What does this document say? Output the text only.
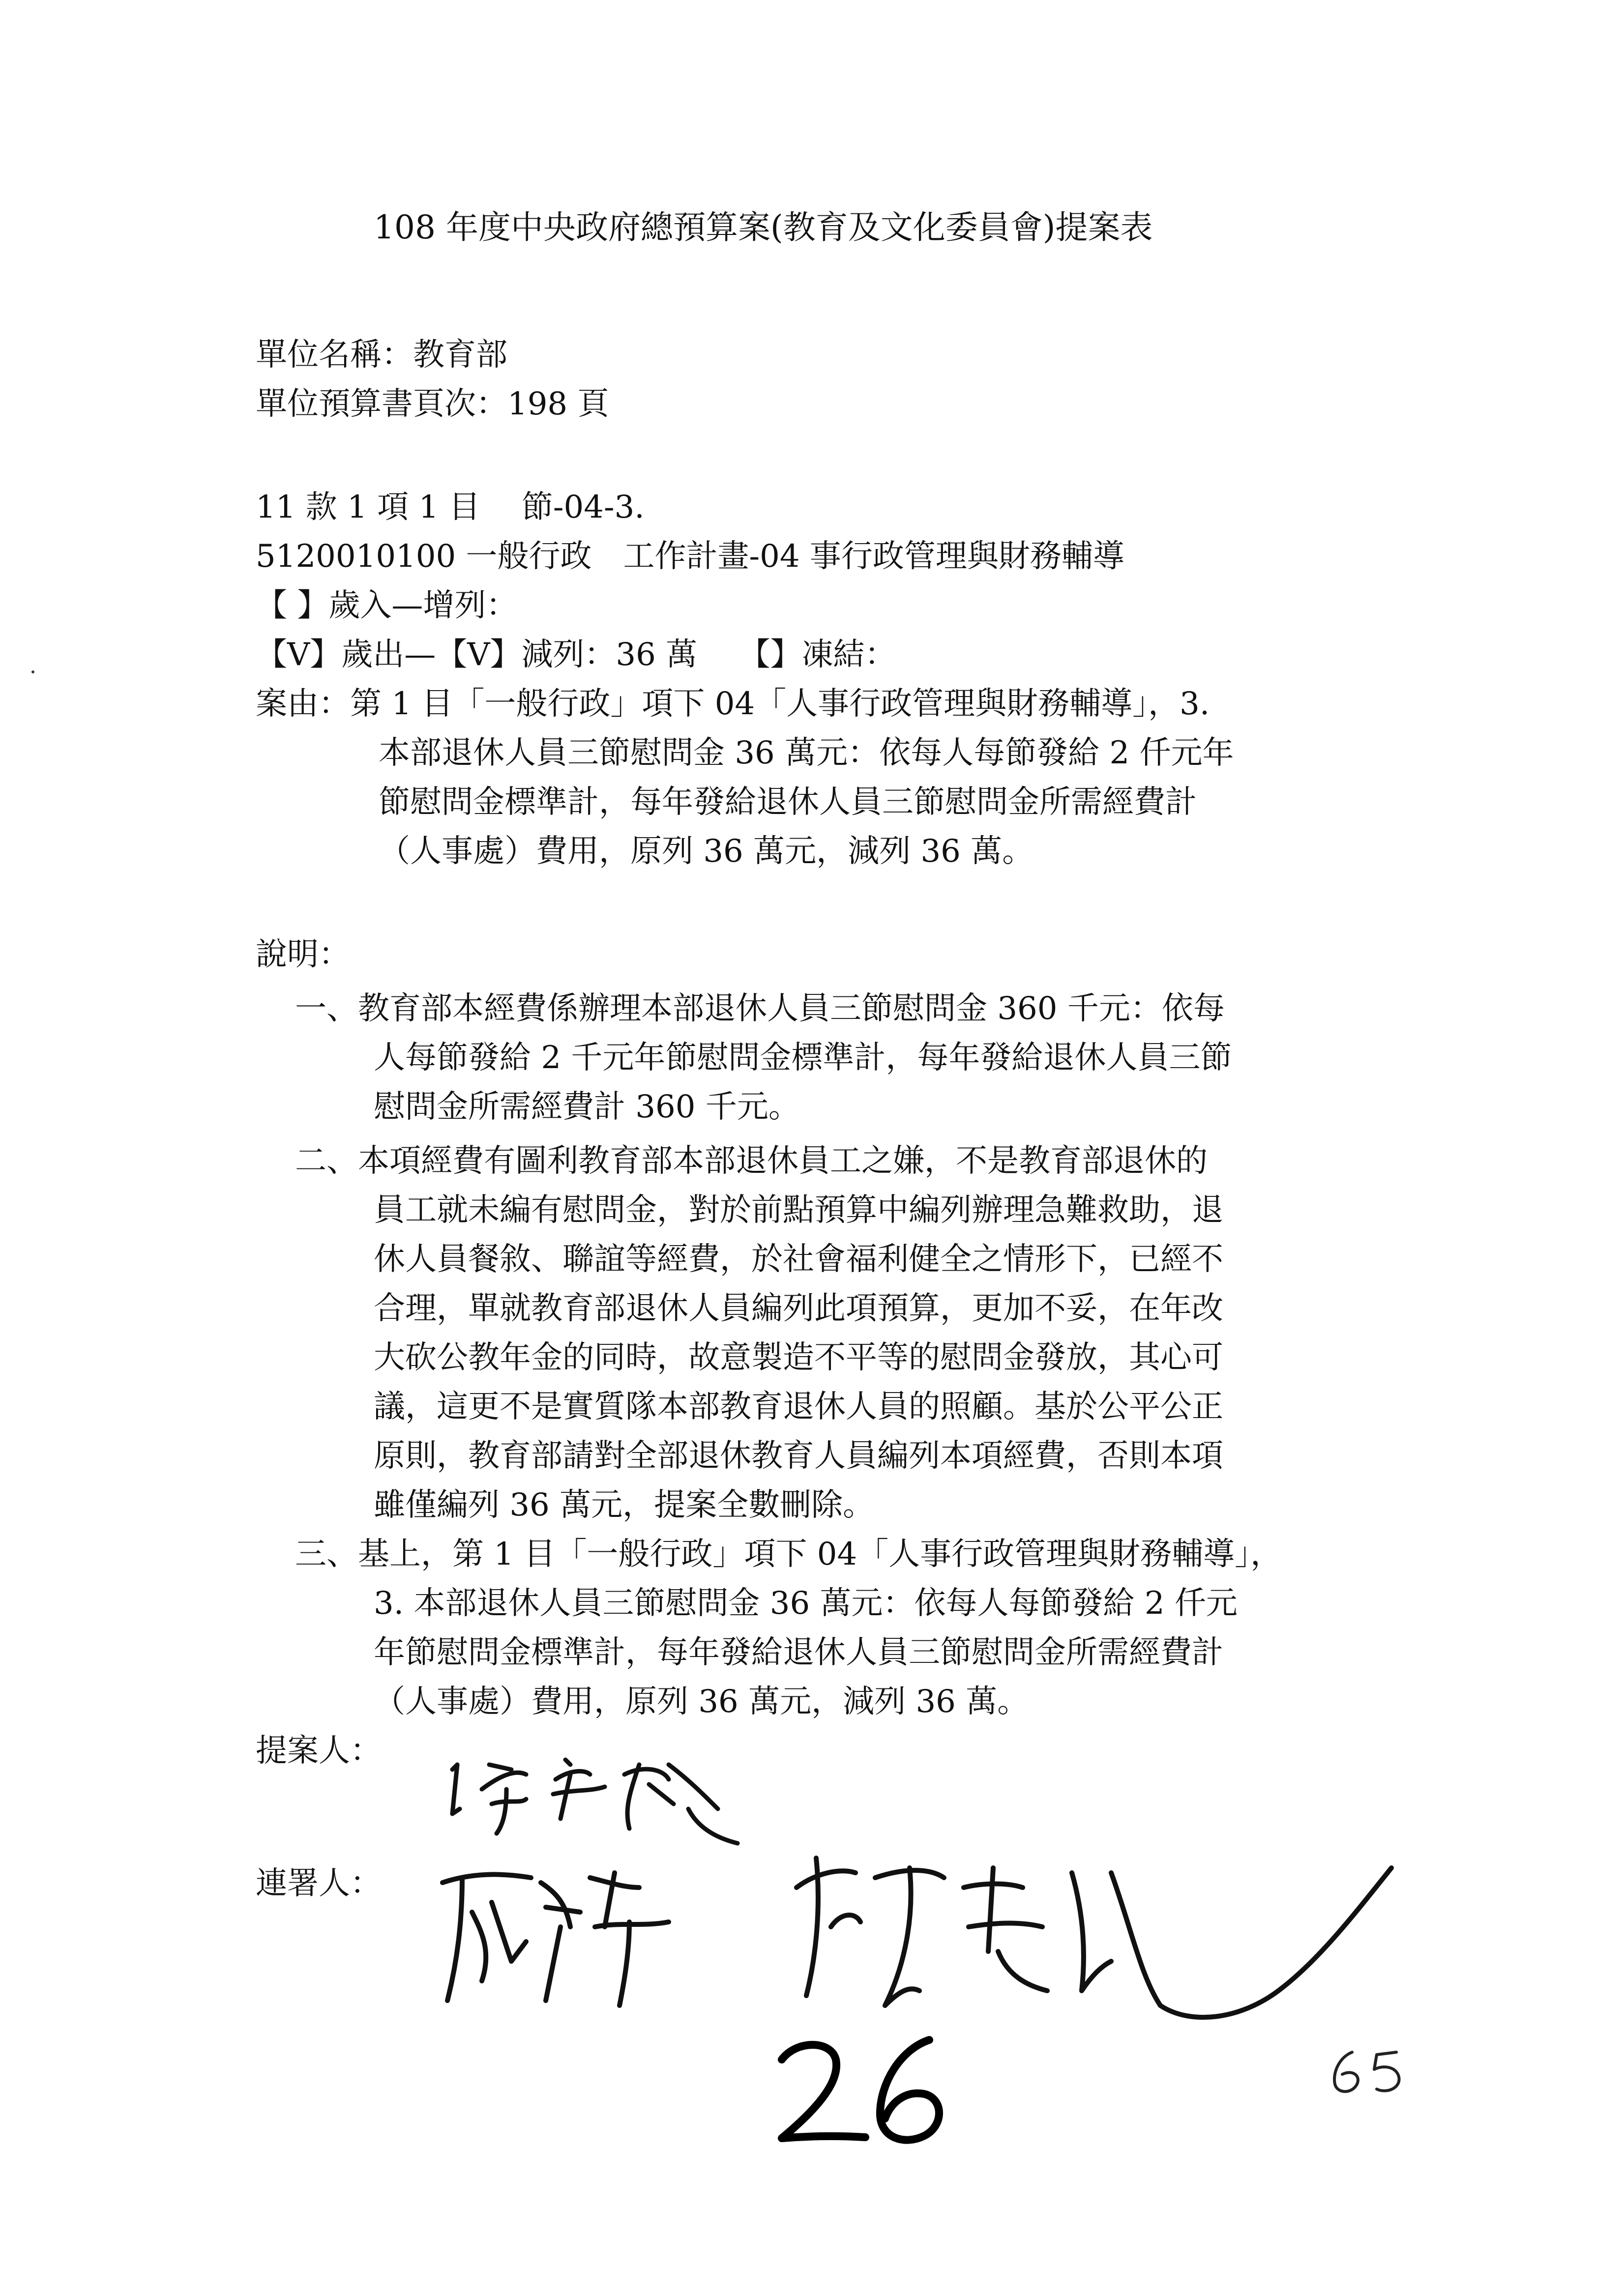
108 年度中央政府總預算案(教育及文化委員會)提案表
單位名稱：教育部
單位預算書頁次：198 頁
11 款 1 項 1 目　 節-04-3.
5120010100 一般行政　工作計畫-04 事行政管理與財務輔導
【 】歲入—增列：
【V】歲出—【V】減列：36 萬　 【】凍結：
案由：第 1 目「一般行政」項下 04「人事行政管理與財務輔導」，3.
本部退休人員三節慰問金 36 萬元：依每人每節發給 2 仟元年
節慰問金標準計，每年發給退休人員三節慰問金所需經費計
（人事處）費用，原列 36 萬元，減列 36 萬。
說明：
一、教育部本經費係辦理本部退休人員三節慰問金 360 千元：依每
人每節發給 2 千元年節慰問金標準計，每年發給退休人員三節
慰問金所需經費計 360 千元。
二、本項經費有圖利教育部本部退休員工之嫌，不是教育部退休的
員工就未編有慰問金，對於前點預算中編列辦理急難救助，退
休人員餐敘、聯誼等經費，於社會福利健全之情形下，已經不
合理，單就教育部退休人員編列此項預算，更加不妥，在年改
大砍公教年金的同時，故意製造不平等的慰問金發放，其心可
議，這更不是實質隊本部教育退休人員的照顧。基於公平公正
原則，教育部請對全部退休教育人員編列本項經費，否則本項
雖僅編列 36 萬元，提案全數刪除。
三、基上，第 1 目「一般行政」項下 04「人事行政管理與財務輔導」，
3. 本部退休人員三節慰問金 36 萬元：依每人每節發給 2 仟元
年節慰問金標準計，每年發給退休人員三節慰問金所需經費計
（人事處）費用，原列 36 萬元，減列 36 萬。
提案人：
連署人：
